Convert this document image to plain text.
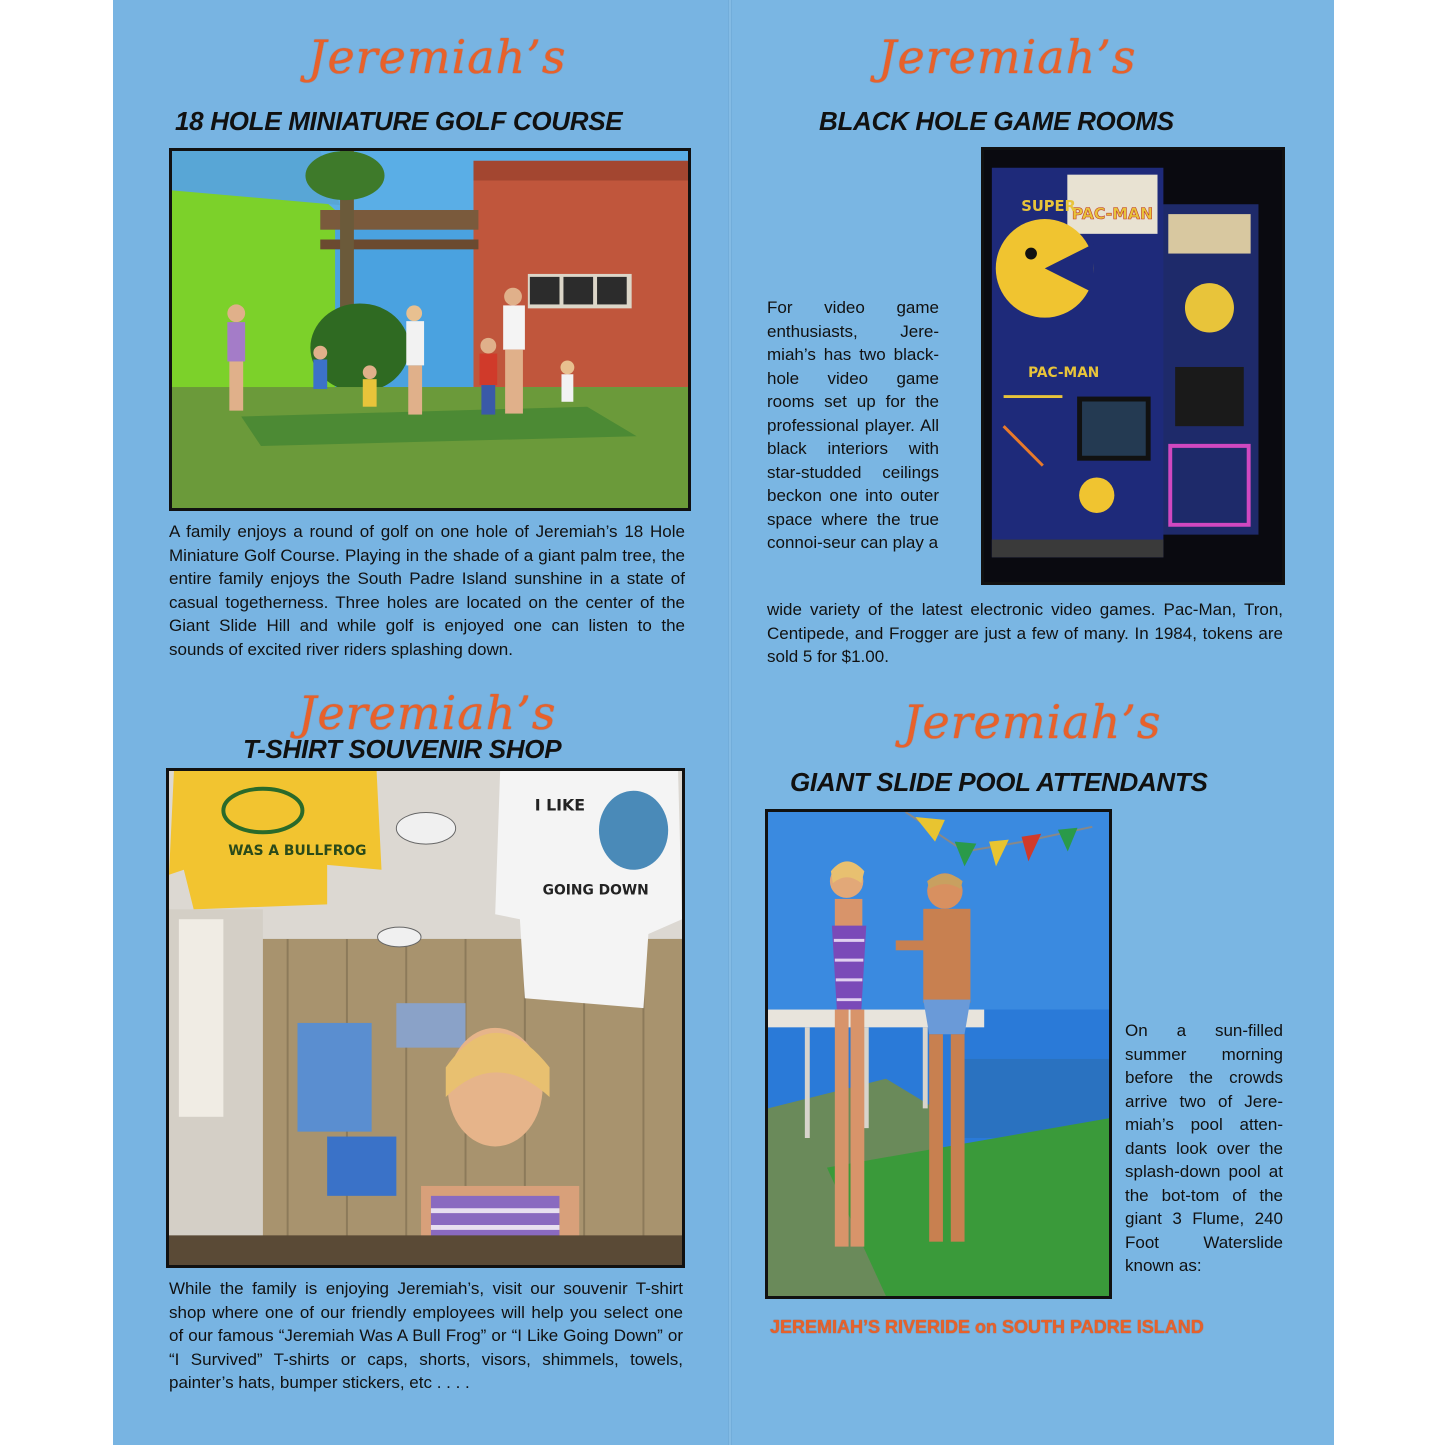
Jeremiah’s
18 HOLE MINIATURE GOLF COURSE
A family enjoys a round of golf on one hole of Jeremiah’s 18 Hole Miniature Golf Course. Playing in the shade of a giant palm tree, the entire family enjoys the South Padre Island sunshine in a state of casual togetherness. Three holes are located on the center of the Giant Slide Hill and while golf is enjoyed one can listen to the sounds of excited river riders splashing down.
Jeremiah’s
BLACK HOLE GAME ROOMS
PAC-MAN
SUPER
PAC-MAN
For video game enthusiasts, Jere-miah’s has two black-hole video game rooms set up for the professional player. All black interiors with star-studded ceilings beckon one into outer space where the true connoi-seur can play a
wide variety of the latest electronic video games. Pac-Man, Tron, Centipede, and Frogger are just a few of many. In 1984, tokens are sold 5 for $1.00.
Jeremiah’s
T-SHIRT SOUVENIR SHOP
WAS A BULLFROG
I LIKE
GOING DOWN
While the family is enjoying Jeremiah’s, visit our souvenir T-shirt shop where one of our friendly employees will help you select one of our famous “Jeremiah Was A Bull Frog” or “I Like Going Down” or “I Survived” T-shirts or caps, shorts, visors, shimmels, towels, painter’s hats, bumper stickers, etc . . . .
Jeremiah’s
GIANT SLIDE POOL ATTENDANTS
On a sun-filled summer morning before the crowds arrive two of Jere-miah’s pool atten-dants look over the splash-down pool at the bot-tom of the giant 3 Flume, 240 Foot Waterslide known as:
JEREMIAH’S RIVERIDE on SOUTH PADRE ISLAND
